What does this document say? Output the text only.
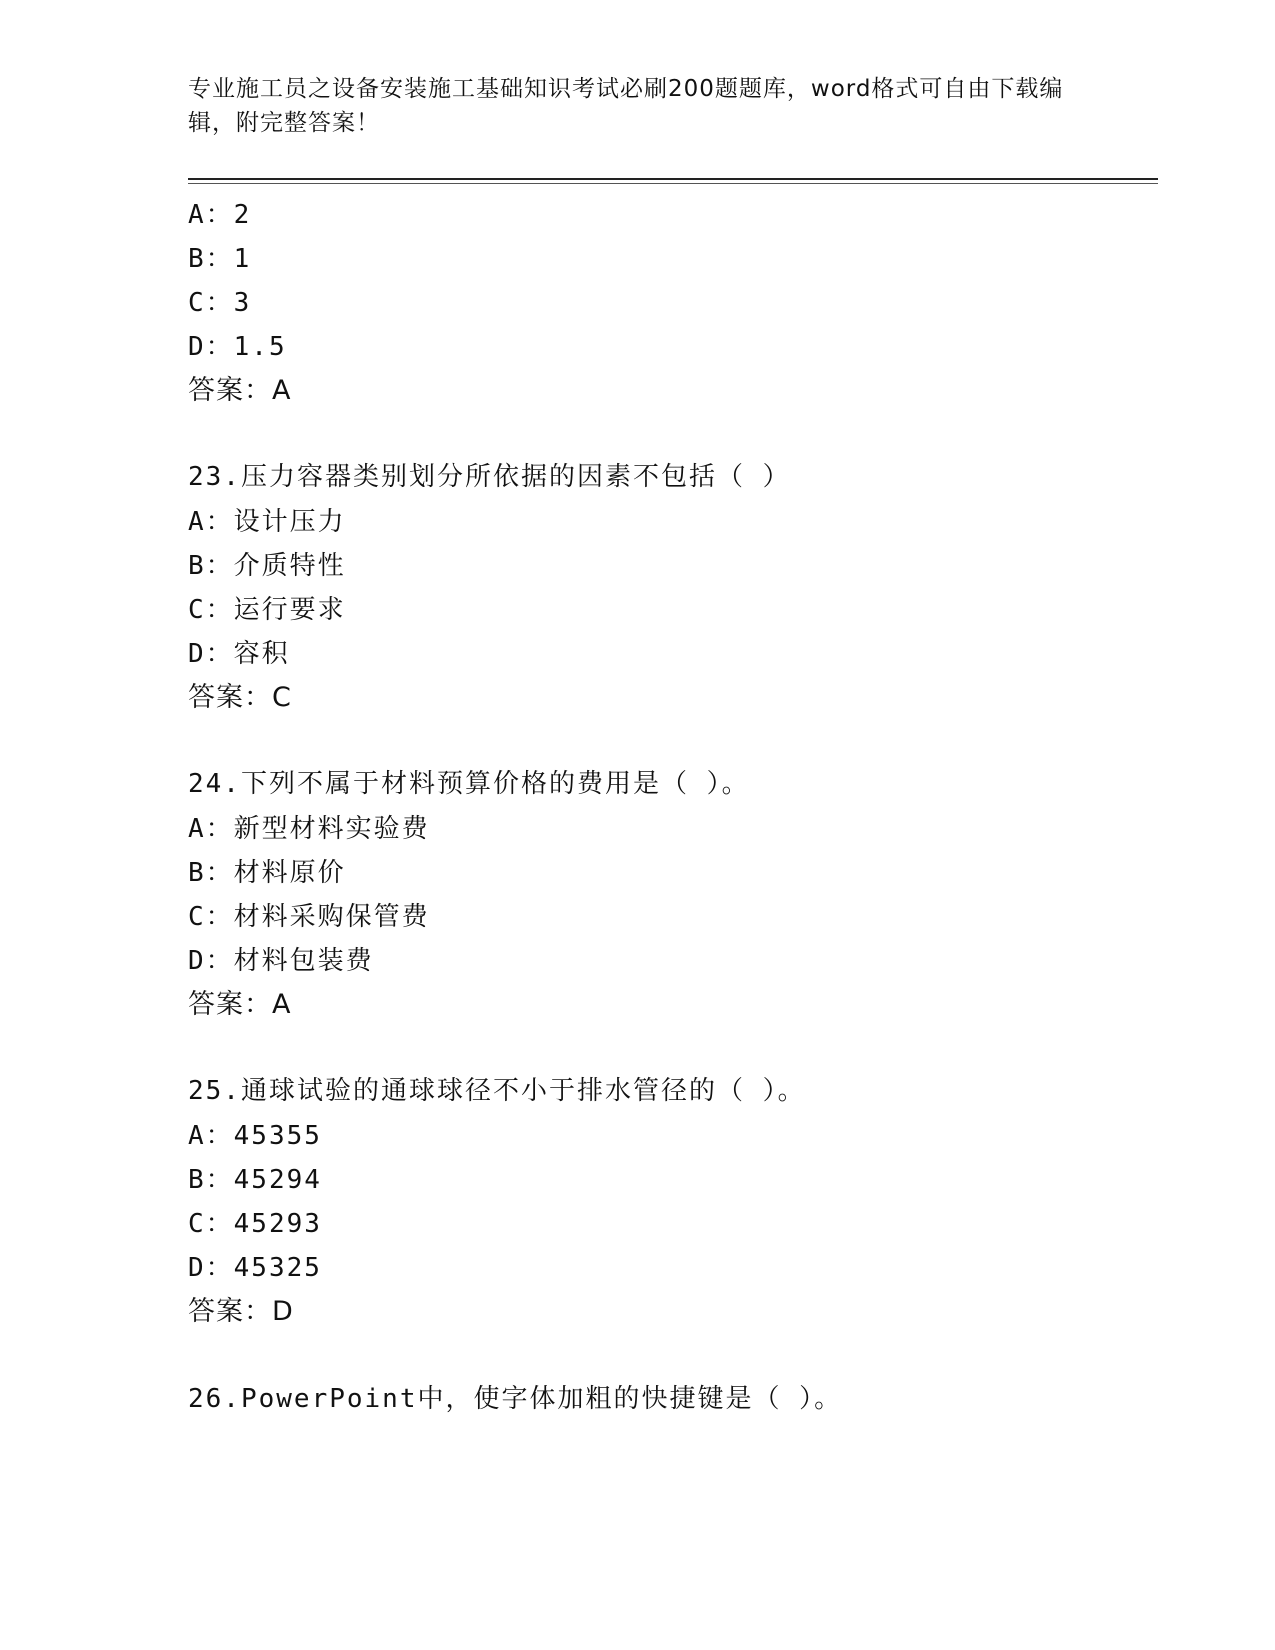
专业施工员之设备安装施工基础知识考试必刷200题题库，word格式可自由下载编辑，附完整答案！
A：2
B：1
C：3
D：1.5
答案：A
23.压力容器类别划分所依据的因素不包括（ ）
A：设计压力
B：介质特性
C：运行要求
D：容积
答案：C
24.下列不属于材料预算价格的费用是（ ）。
A：新型材料实验费
B：材料原价
C：材料采购保管费
D：材料包装费
答案：A
25.通球试验的通球球径不小于排水管径的（ ）。
A：45355
B：45294
C：45293
D：45325
答案：D
26.PowerPoint中，使字体加粗的快捷键是（ ）。
